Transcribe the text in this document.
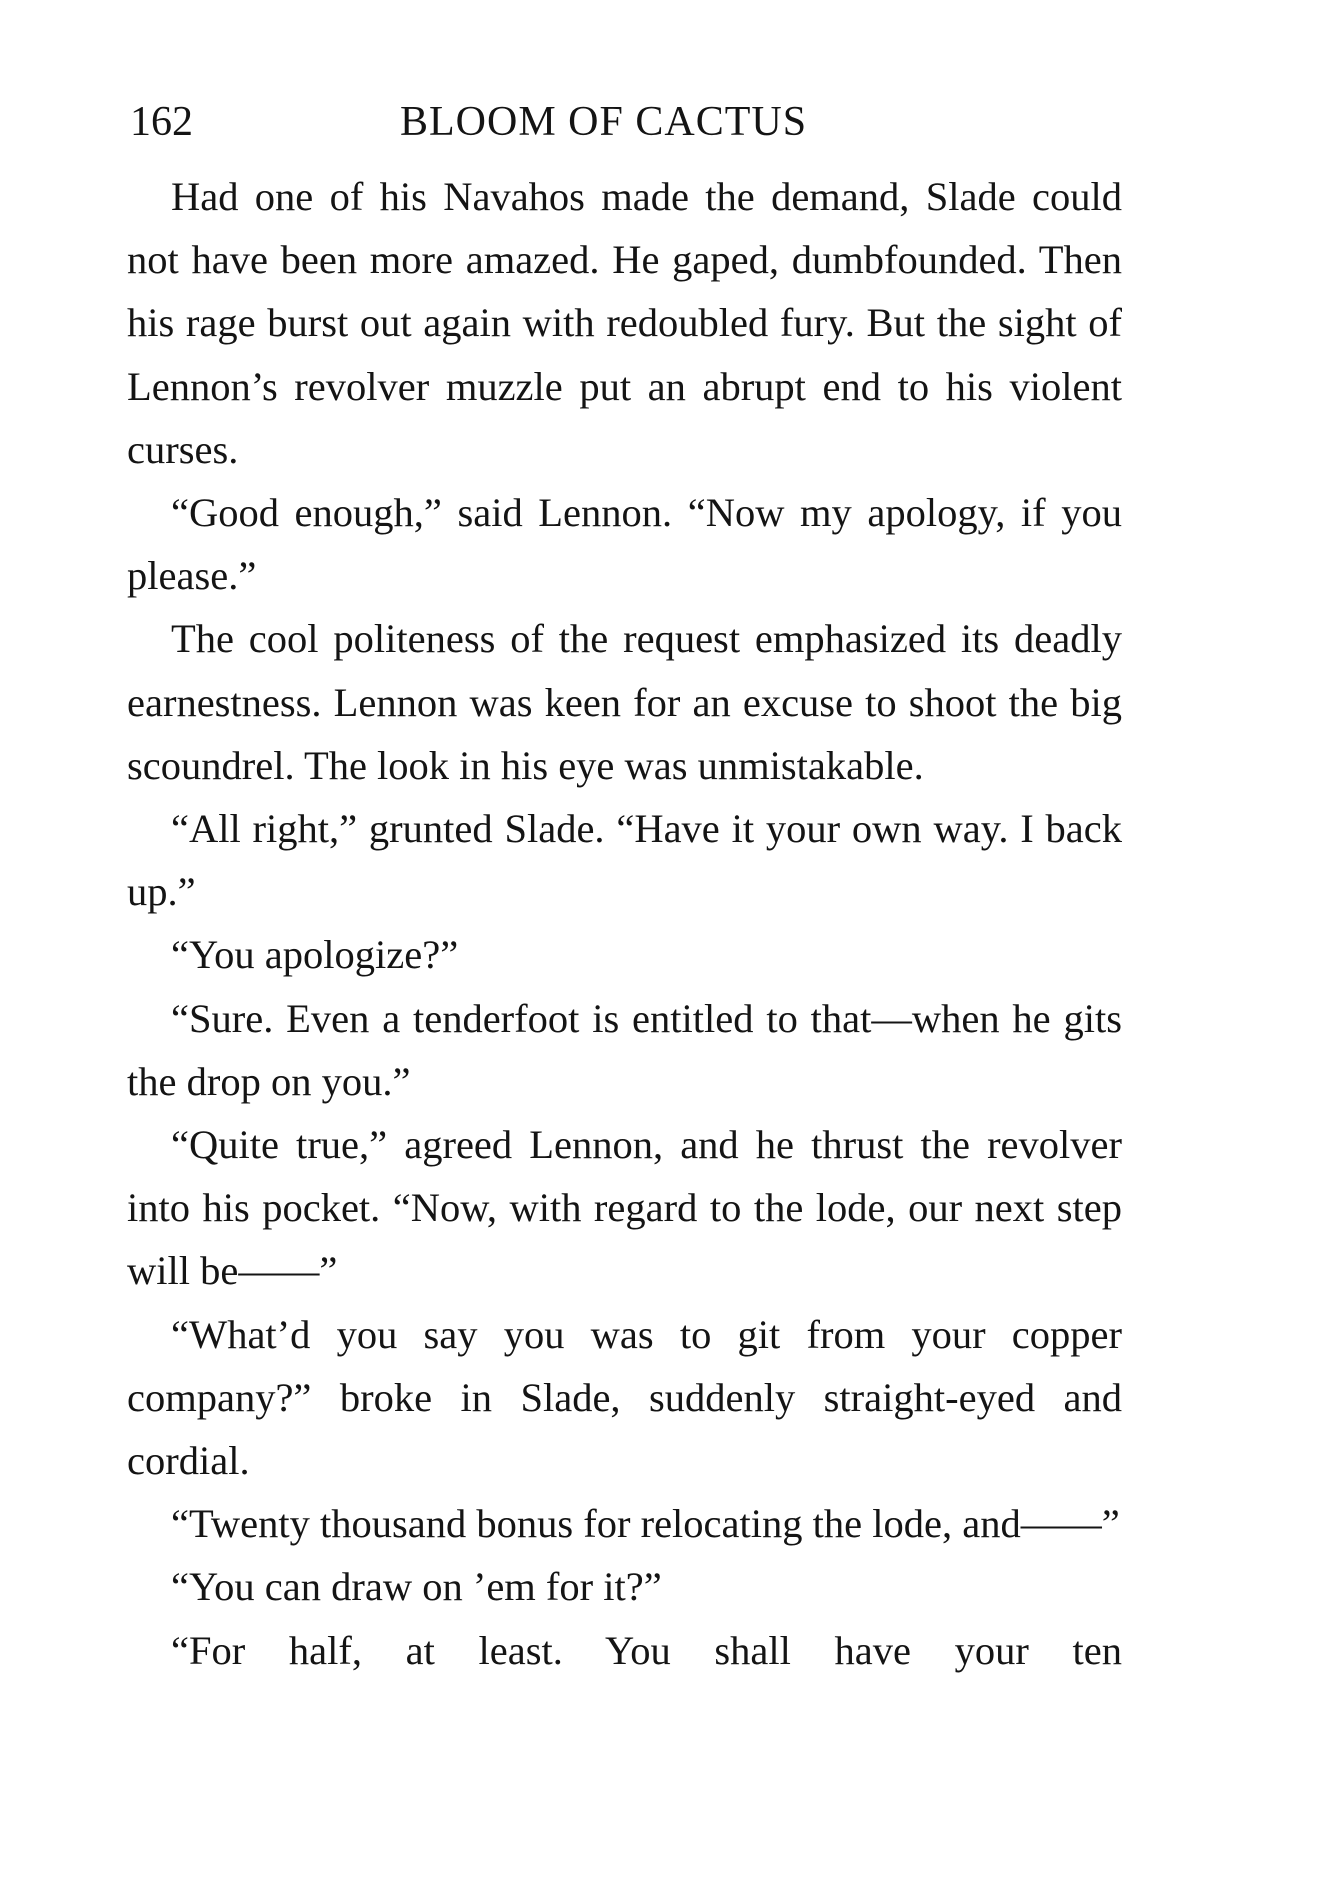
162	BLOOM OF CACTUS

Had one of his Navahos made the demand, Slade could not have been more amazed. He gaped, dumbfounded. Then his rage burst out again with redoubled fury. But the sight of Lennon’s revolver muzzle put an abrupt end to his violent curses.

“Good enough,” said Lennon. “Now my apology, if you please.”

The cool politeness of the request emphasized its deadly earnestness. Lennon was keen for an excuse to shoot the big scoundrel. The look in his eye was unmistakable.

“All right,” grunted Slade. “Have it your own way. I back up.”

“You apologize?”

“Sure. Even a tenderfoot is entitled to that—when he gits the drop on you.”

“Quite true,” agreed Lennon, and he thrust the revolver into his pocket. “Now, with regard to the lode, our next step will be——”

“What’d you say you was to git from your copper company?” broke in Slade, suddenly straight-eyed and cordial.

“Twenty thousand bonus for relocating the lode, and——”

“You can draw on ’em for it?”

“For half, at least. You shall have your ten
